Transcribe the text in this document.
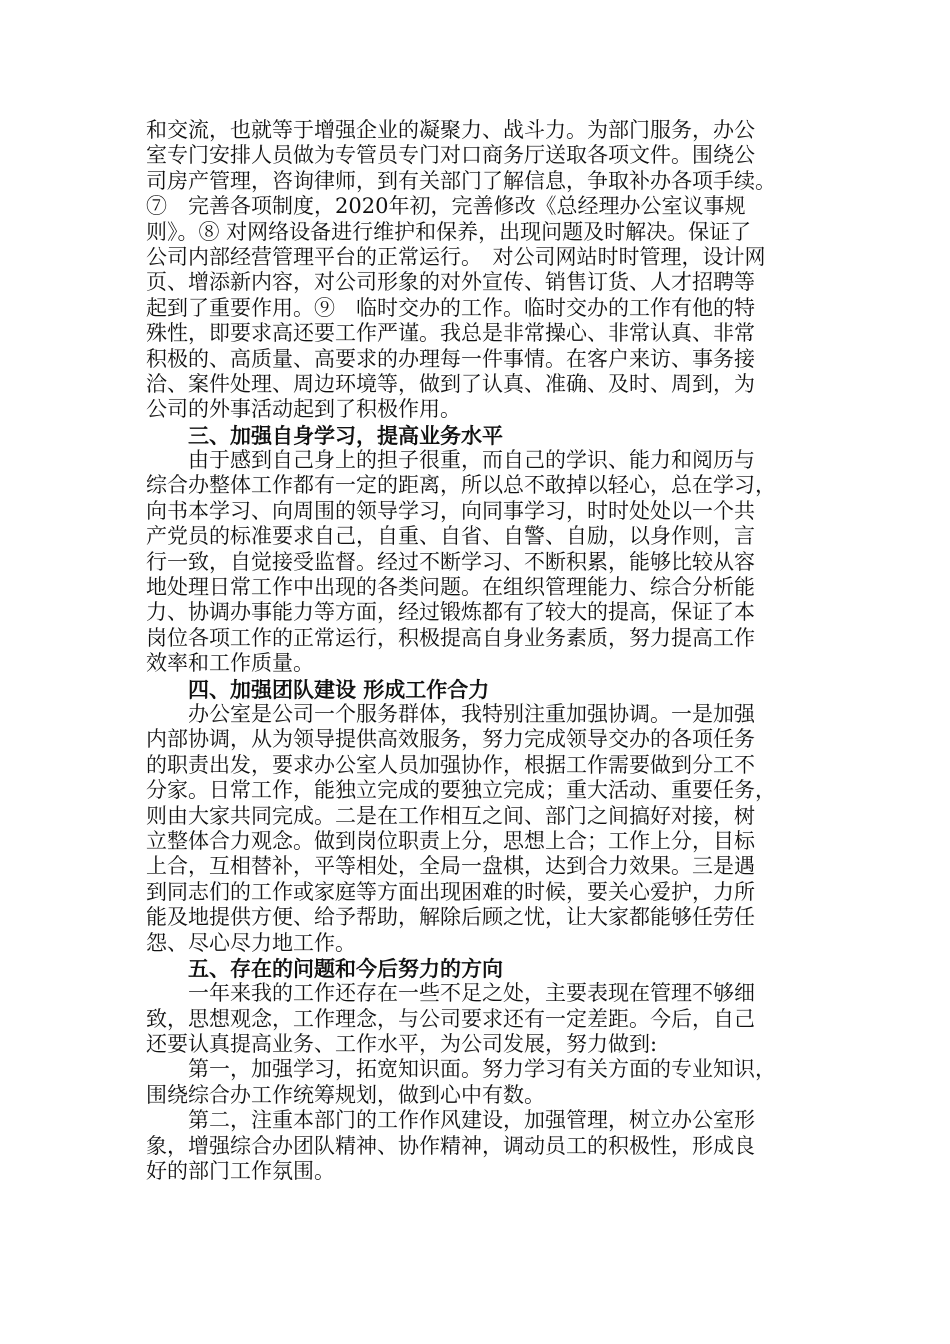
和交流，也就等于增强企业的凝聚力、战斗力。为部门服务，办公
室专门安排人员做为专管员专门对口商务厅送取各项文件。围绕公
司房产管理，咨询律师，到有关部门了解信息，争取补办各项手续。
⑦　完善各项制度，2020年初，完善修改《总经理办公室议事规
则》。⑧ 对网络设备进行维护和保养，出现问题及时解决。保证了
公司内部经营管理平台的正常运行。　对公司网站时时管理，设计网
页、增添新内容，对公司形象的对外宣传、销售订货、人才招聘等
起到了重要作用。⑨　临时交办的工作。临时交办的工作有他的特
殊性，即要求高还要工作严谨。我总是非常操心、非常认真、非常
积极的、高质量、高要求的办理每一件事情。在客户来访、事务接
洽、案件处理、周边环境等，做到了认真、准确、及时、周到，为
公司的外事活动起到了积极作用。
三、加强自身学习，提高业务水平
由于感到自己身上的担子很重，而自己的学识、能力和阅历与
综合办整体工作都有一定的距离，所以总不敢掉以轻心，总在学习，
向书本学习、向周围的领导学习，向同事学习，时时处处以一个共
产党员的标准要求自己，自重、自省、自警、自励，以身作则，言
行一致，自觉接受监督。经过不断学习、不断积累，能够比较从容
地处理日常工作中出现的各类问题。在组织管理能力、综合分析能
力、协调办事能力等方面，经过锻炼都有了较大的提高，保证了本
岗位各项工作的正常运行，积极提高自身业务素质，努力提高工作
效率和工作质量。
四、加强团队建设 形成工作合力
办公室是公司一个服务群体，我特别注重加强协调。一是加强
内部协调，从为领导提供高效服务，努力完成领导交办的各项任务
的职责出发，要求办公室人员加强协作，根据工作需要做到分工不
分家。日常工作，能独立完成的要独立完成；重大活动、重要任务，
则由大家共同完成。二是在工作相互之间、部门之间搞好对接，树
立整体合力观念。做到岗位职责上分，思想上合；工作上分，目标
上合，互相替补，平等相处，全局一盘棋，达到合力效果。三是遇
到同志们的工作或家庭等方面出现困难的时候，要关心爱护，力所
能及地提供方便、给予帮助，解除后顾之忧，让大家都能够任劳任
怨、尽心尽力地工作。
五、存在的问题和今后努力的方向
一年来我的工作还存在一些不足之处，主要表现在管理不够细
致，思想观念，工作理念，与公司要求还有一定差距。今后，自己
还要认真提高业务、工作水平，为公司发展，努力做到:
第一，加强学习，拓宽知识面。努力学习有关方面的专业知识，
围绕综合办工作统筹规划，做到心中有数。
第二，注重本部门的工作作风建设，加强管理，树立办公室形
象，增强综合办团队精神、协作精神，调动员工的积极性，形成良
好的部门工作氛围。
